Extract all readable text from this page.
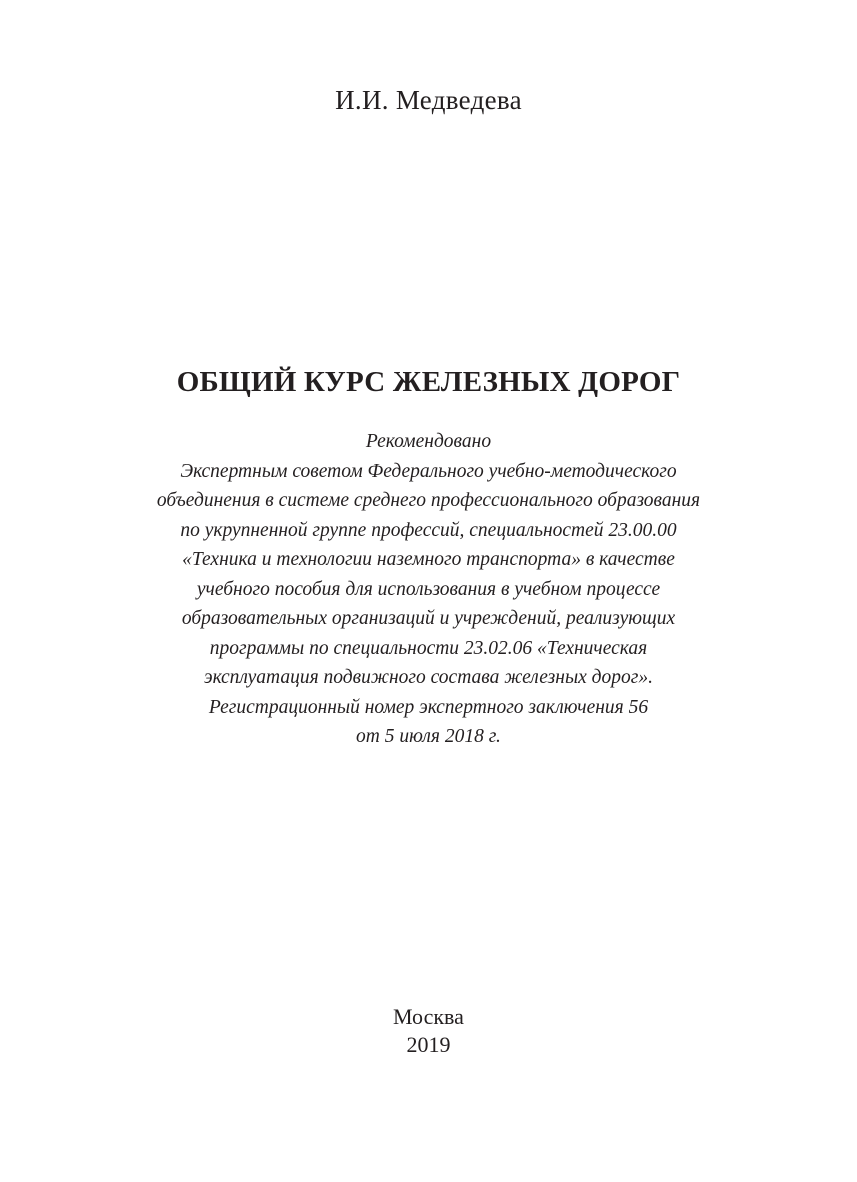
И.И. Медведева
ОБЩИЙ КУРС ЖЕЛЕЗНЫХ ДОРОГ
Рекомендовано
Экспертным советом Федерального учебно-методического
объединения в системе среднего профессионального образования
по укрупненной группе профессий, специальностей 23.00.00
«Техника и технологии наземного транспорта» в качестве
учебного пособия для использования в учебном процессе
образовательных организаций и учреждений, реализующих
программы по специальности 23.02.06 «Техническая
эксплуатация подвижного состава железных дорог».
Регистрационный номер экспертного заключения 56
от 5 июля 2018 г.
Москва
2019
